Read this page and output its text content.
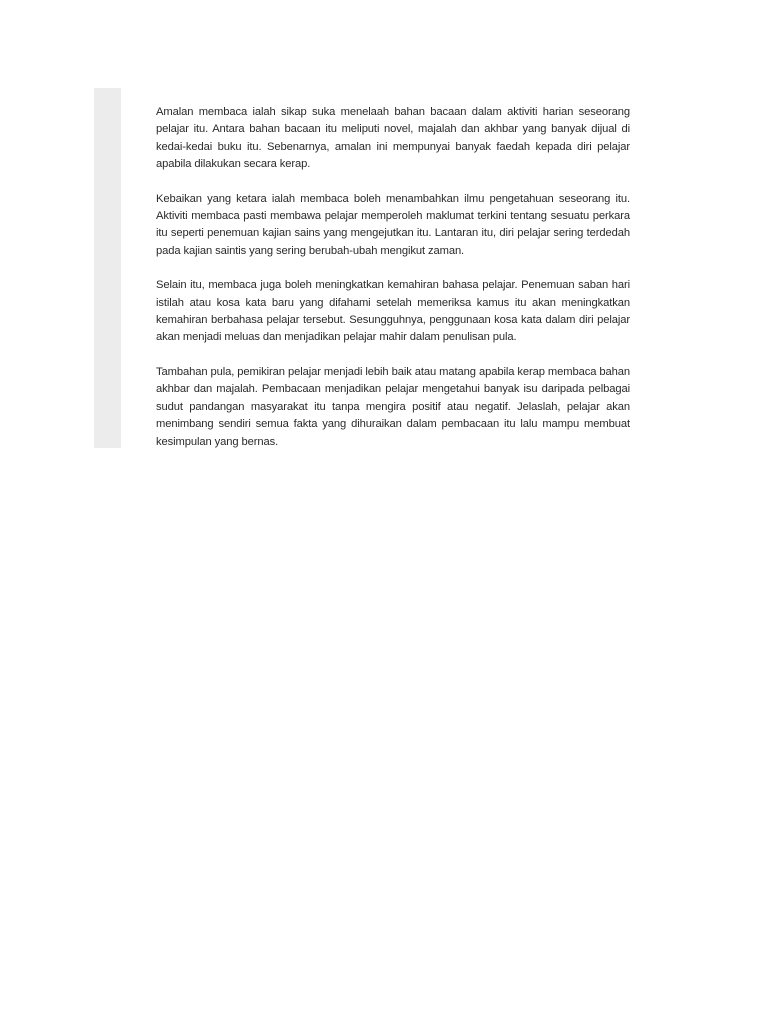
Amalan membaca ialah sikap suka menelaah bahan bacaan dalam aktiviti harian seseorang pelajar itu. Antara bahan bacaan itu meliputi novel, majalah dan akhbar yang banyak dijual di kedai-kedai buku itu. Sebenarnya, amalan ini mempunyai banyak faedah kepada diri pelajar apabila dilakukan secara kerap.

Kebaikan yang ketara ialah membaca boleh menambahkan ilmu pengetahuan seseorang itu. Aktiviti membaca pasti membawa pelajar memperoleh maklumat terkini tentang sesuatu perkara itu seperti penemuan kajian sains yang mengejutkan itu. Lantaran itu, diri pelajar sering terdedah pada kajian saintis yang sering berubah-ubah mengikut zaman.

Selain itu, membaca juga boleh meningkatkan kemahiran bahasa pelajar. Penemuan saban hari istilah atau kosa kata baru yang difahami setelah memeriksa kamus itu akan meningkatkan kemahiran berbahasa pelajar tersebut. Sesungguhnya, penggunaan kosa kata dalam diri pelajar akan menjadi meluas dan menjadikan pelajar mahir dalam penulisan pula.

Tambahan pula, pemikiran pelajar menjadi lebih baik atau matang apabila kerap membaca bahan akhbar dan majalah. Pembacaan menjadikan pelajar mengetahui banyak isu daripada pelbagai sudut pandangan masyarakat itu tanpa mengira positif atau negatif. Jelaslah, pelajar akan menimbang sendiri semua fakta yang dihuraikan dalam pembacaan itu lalu mampu membuat kesimpulan yang bernas.
